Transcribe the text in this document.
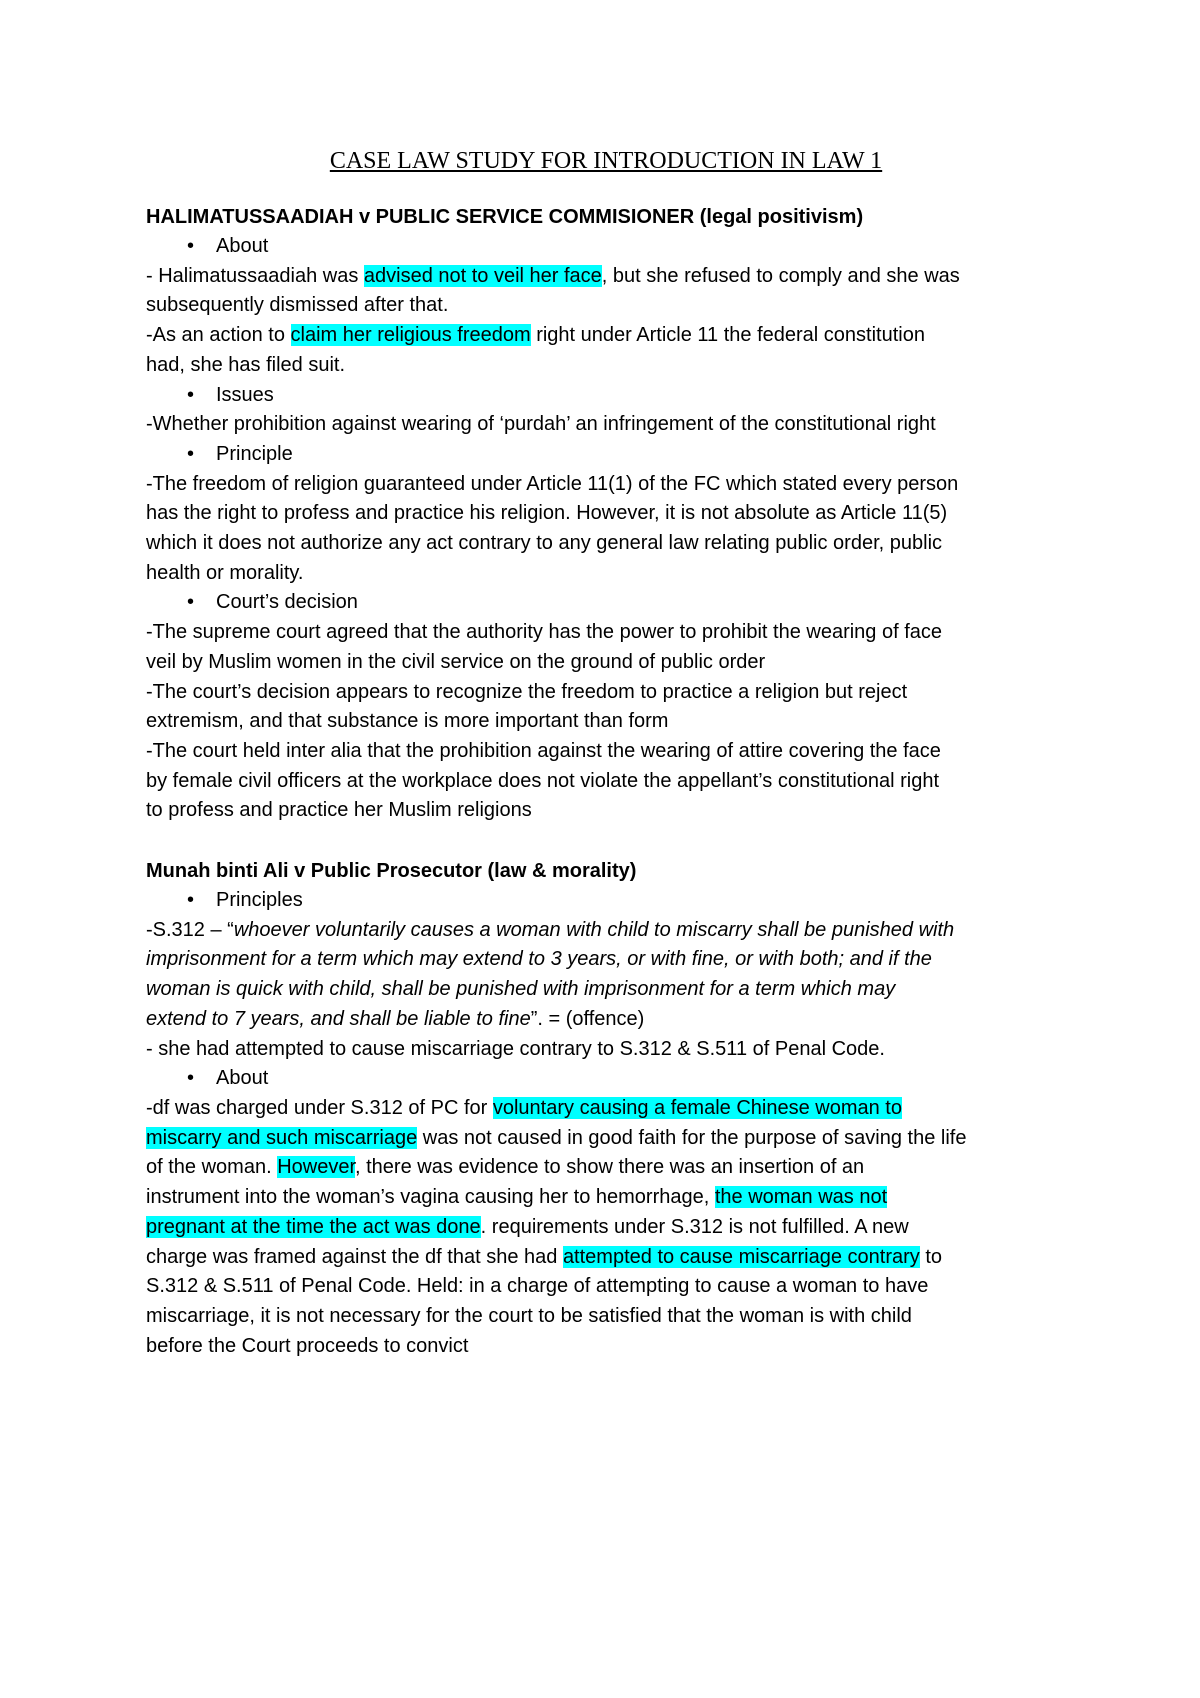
CASE LAW STUDY FOR INTRODUCTION IN LAW 1
HALIMATUSSAADIAH v PUBLIC SERVICE COMMISIONER (legal positivism)
•	About
- Halimatussaadiah was advised not to veil her face, but she refused to comply and she was
subsequently dismissed after that.
-As an action to claim her religious freedom right under Article 11 the federal constitution
had, she has filed suit.
•	Issues
-Whether prohibition against wearing of ‘purdah’ an infringement of the constitutional right
•	Principle
-The freedom of religion guaranteed under Article 11(1) of the FC which stated every person
has the right to profess and practice his religion. However, it is not absolute as Article 11(5)
which it does not authorize any act contrary to any general law relating public order, public
health or morality.
•	Court’s decision
-The supreme court agreed that the authority has the power to prohibit the wearing of face
veil by Muslim women in the civil service on the ground of public order
-The court’s decision appears to recognize the freedom to practice a religion but reject
extremism, and that substance is more important than form
-The court held inter alia that the prohibition against the wearing of attire covering the face
by female civil officers at the workplace does not violate the appellant’s constitutional right
to profess and practice her Muslim religions
Munah binti Ali v Public Prosecutor (law & morality)
•	Principles
-S.312 – “whoever voluntarily causes a woman with child to miscarry shall be punished with
imprisonment for a term which may extend to 3 years, or with fine, or with both; and if the
woman is quick with child, shall be punished with imprisonment for a term which may
extend to 7 years, and shall be liable to fine”. = (offence)
- she had attempted to cause miscarriage contrary to S.312 & S.511 of Penal Code.
•	About
-df was charged under S.312 of PC for voluntary causing a female Chinese woman to
miscarry and such miscarriage was not caused in good faith for the purpose of saving the life
of the woman. However, there was evidence to show there was an insertion of an
instrument into the woman’s vagina causing her to hemorrhage, the woman was not
pregnant at the time the act was done. requirements under S.312 is not fulfilled. A new
charge was framed against the df that she had attempted to cause miscarriage contrary to
S.312 & S.511 of Penal Code. Held: in a charge of attempting to cause a woman to have
miscarriage, it is not necessary for the court to be satisfied that the woman is with child
before the Court proceeds to convict
